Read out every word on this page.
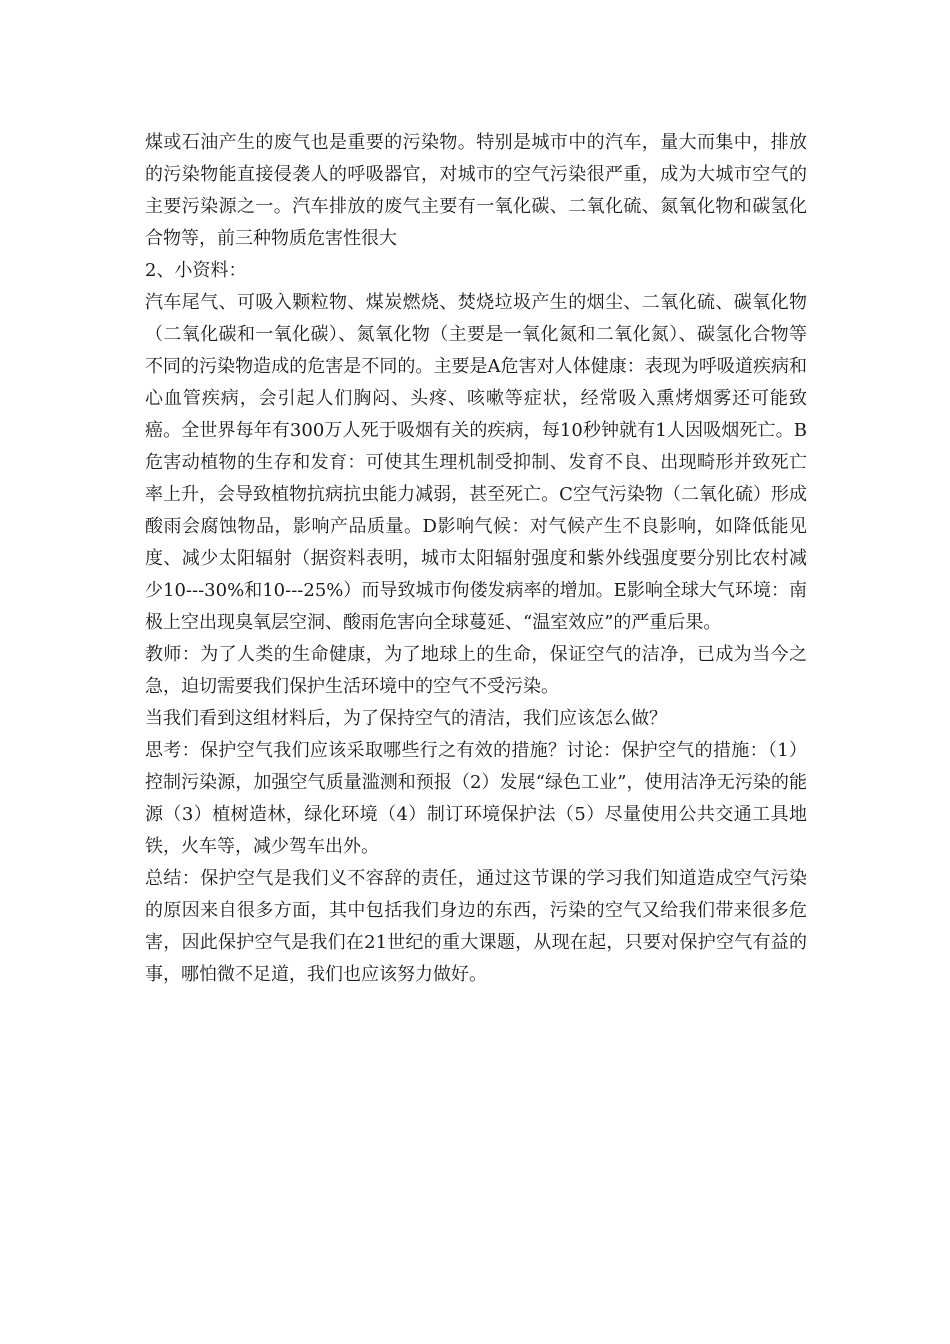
煤或石油产生的废气也是重要的污染物。特别是城市中的汽车，量大而集中，排放的污染物能直接侵袭人的呼吸器官，对城市的空气污染很严重，成为大城市空气的主要污染源之一。汽车排放的废气主要有一氧化碳、二氧化硫、氮氧化物和碳氢化合物等，前三种物质危害性很大

2、小资料：

汽车尾气、可吸入颗粒物、煤炭燃烧、焚烧垃圾产生的烟尘、二氧化硫、碳氧化物（二氧化碳和一氧化碳）、氮氧化物（主要是一氧化氮和二氧化氮）、碳氢化合物等不同的污染物造成的危害是不同的。主要是A危害对人体健康：表现为呼吸道疾病和心血管疾病，会引起人们胸闷、头疼、咳嗽等症状，经常吸入熏烤烟雾还可能致癌。全世界每年有300万人死于吸烟有关的疾病，每10秒钟就有1人因吸烟死亡。B危害动植物的生存和发育：可使其生理机制受抑制、发育不良、出现畸形并致死亡率上升，会导致植物抗病抗虫能力减弱，甚至死亡。C空气污染物（二氧化硫）形成酸雨会腐蚀物品，影响产品质量。D影响气候：对气候产生不良影响，如降低能见度、减少太阳辐射（据资料表明，城市太阳辐射强度和紫外线强度要分别比农村减少10---30%和10---25%）而导致城市佝偻发病率的增加。E影响全球大气环境：南极上空出现臭氧层空洞、酸雨危害向全球蔓延、“温室效应”的严重后果。

教师：为了人类的生命健康，为了地球上的生命，保证空气的洁净，已成为当今之急，迫切需要我们保护生活环境中的空气不受污染。

当我们看到这组材料后，为了保持空气的清洁，我们应该怎么做？

思考：保护空气我们应该采取哪些行之有效的措施？讨论：保护空气的措施：（1）控制污染源，加强空气质量滥测和预报（2）发展“绿色工业”，使用洁净无污染的能源（3）植树造林，绿化环境（4）制订环境保护法（5）尽量使用公共交通工具地铁，火车等，减少驾车出外。

总结：保护空气是我们义不容辞的责任，通过这节课的学习我们知道造成空气污染的原因来自很多方面，其中包括我们身边的东西，污染的空气又给我们带来很多危害，因此保护空气是我们在21世纪的重大课题，从现在起，只要对保护空气有益的事，哪怕微不足道，我们也应该努力做好。
